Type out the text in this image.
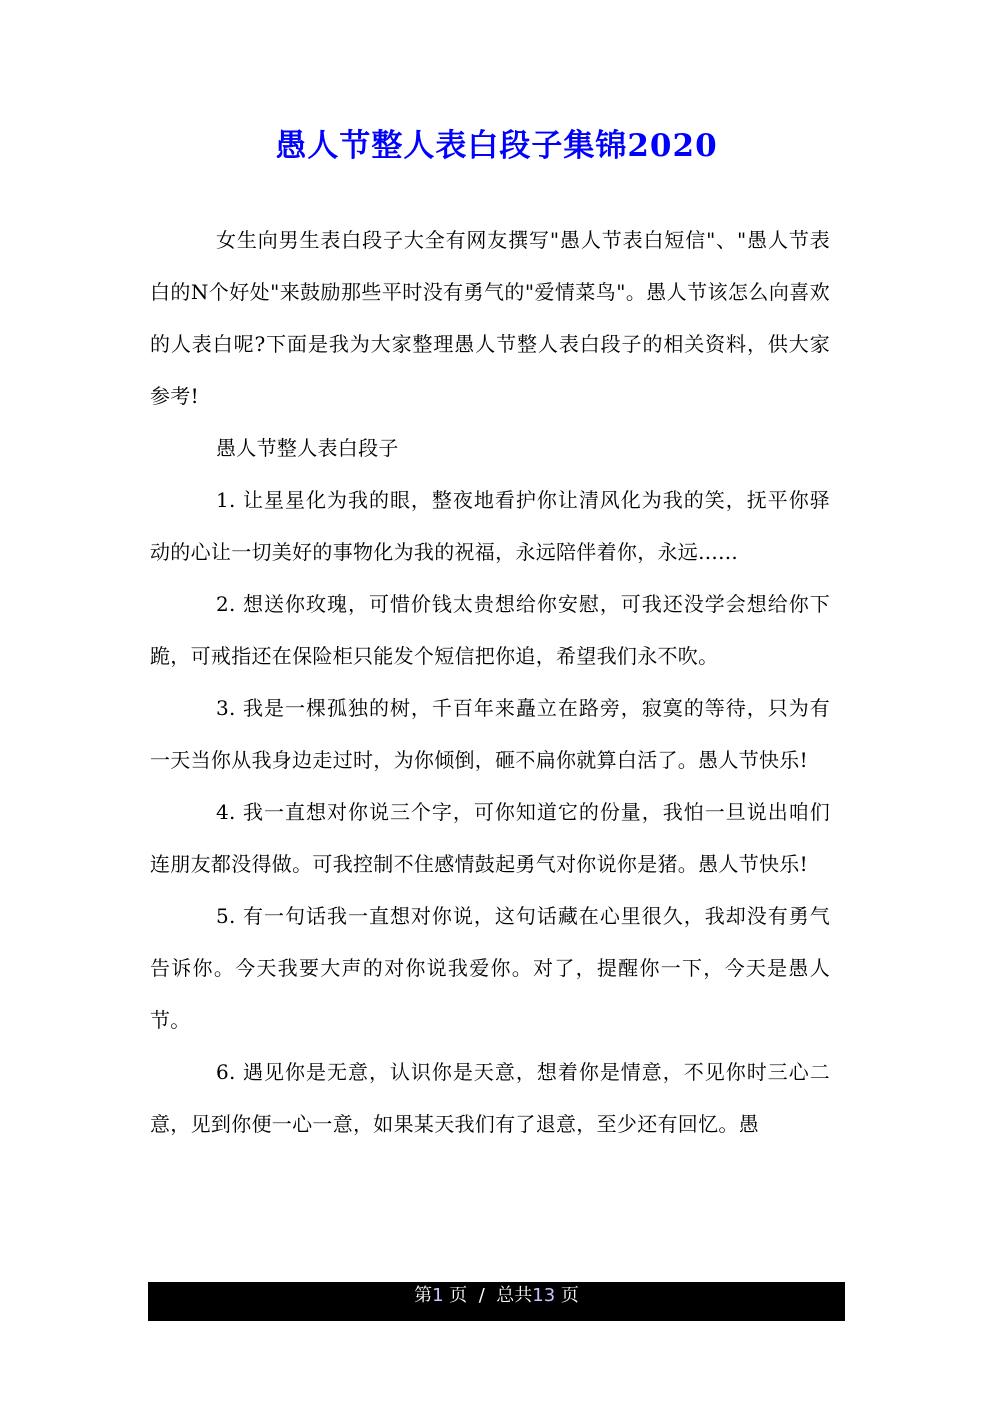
愚人节整人表白段子集锦2020

女生向男生表白段子大全有网友撰写"愚人节表白短信"、"愚人节表白的N个好处"来鼓励那些平时没有勇气的"爱情菜鸟"。愚人节该怎么向喜欢的人表白呢?下面是我为大家整理愚人节整人表白段子的相关资料，供大家参考!

愚人节整人表白段子

1. 让星星化为我的眼，整夜地看护你让清风化为我的笑，抚平你驿动的心让一切美好的事物化为我的祝福，永远陪伴着你，永远......

2. 想送你玫瑰，可惜价钱太贵想给你安慰，可我还没学会想给你下跪，可戒指还在保险柜只能发个短信把你追，希望我们永不吹。

3. 我是一棵孤独的树，千百年来矗立在路旁，寂寞的等待，只为有一天当你从我身边走过时，为你倾倒，砸不扁你就算白活了。愚人节快乐!

4. 我一直想对你说三个字，可你知道它的份量，我怕一旦说出咱们连朋友都没得做。可我控制不住感情鼓起勇气对你说你是猪。愚人节快乐!

5. 有一句话我一直想对你说，这句话藏在心里很久，我却没有勇气告诉你。今天我要大声的对你说我爱你。对了，提醒你一下，今天是愚人节。

6. 遇见你是无意，认识你是天意，想着你是情意，不见你时三心二意，见到你便一心一意，如果某天我们有了退意，至少还有回忆。愚

第1 页 / 总共13 页
